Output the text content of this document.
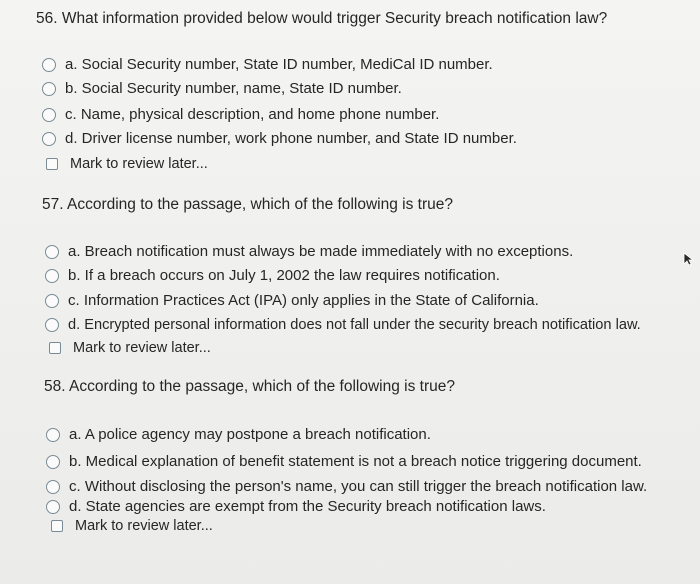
56. What information provided below would trigger Security breach notification law?
a. Social Security number, State ID number, MediCal ID number.
b. Social Security number, name, State ID number.
c. Name, physical description, and home phone number.
d. Driver license number, work phone number, and State ID number.
Mark to review later...
57. According to the passage, which of the following is true?
a. Breach notification must always be made immediately with no exceptions.
b. If a breach occurs on July 1, 2002 the law requires notification.
c. Information Practices Act (IPA) only applies in the State of California.
d. Encrypted personal information does not fall under the security breach notification law.
Mark to review later...
58. According to the passage, which of the following is true?
a. A police agency may postpone a breach notification.
b. Medical explanation of benefit statement is not a breach notice triggering document.
c. Without disclosing the person's name, you can still trigger the breach notification law.
d. State agencies are exempt from the Security breach notification laws.
Mark to review later...
